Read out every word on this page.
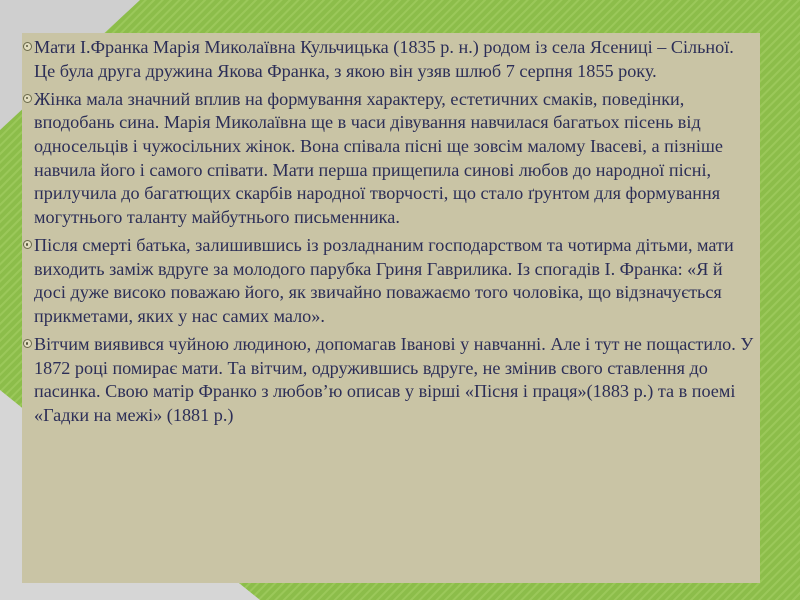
Мати І.Франка Марія Миколаївна Кульчицька (1835 р. н.) родом із села Ясениці – Сільної. Це була друга дружина Якова Франка, з якою він узяв шлюб 7 серпня 1855 року.

Жінка мала значний вплив на формування характеру, естетичних смаків, поведінки, вподобань сина. Марія Миколаївна ще в часи дівування навчилася багатьох пісень від односельців і чужосільних жінок. Вона співала пісні ще зовсім малому Івасеві, а пізніше навчила його і самого співати. Мати перша прищепила синові любов до народної пісні, прилучила до багатющих скарбів народної творчості, що стало ґрунтом для формування могутнього таланту майбутнього письменника.

Після смерті батька, залишившись із розладнаним господарством та чотирма дітьми, мати виходить заміж вдруге за молодого парубка Гриня Гаврилика. Із спогадів І. Франка: «Я й досі дуже високо поважаю його, як звичайно поважаємо того чоловіка, що відзначується прикметами, яких у нас самих мало».

Вітчим виявився чуйною людиною, допомагав Іванові у навчанні. Але і тут не пощастило. У 1872 році помирає мати. Та вітчим, одружившись вдруге, не змінив свого ставлення до пасинка. Свою матір Франко з любов’ю описав у вірші «Пісня і праця»(1883 р.) та в поемі «Гадки на межі» (1881 р.)
